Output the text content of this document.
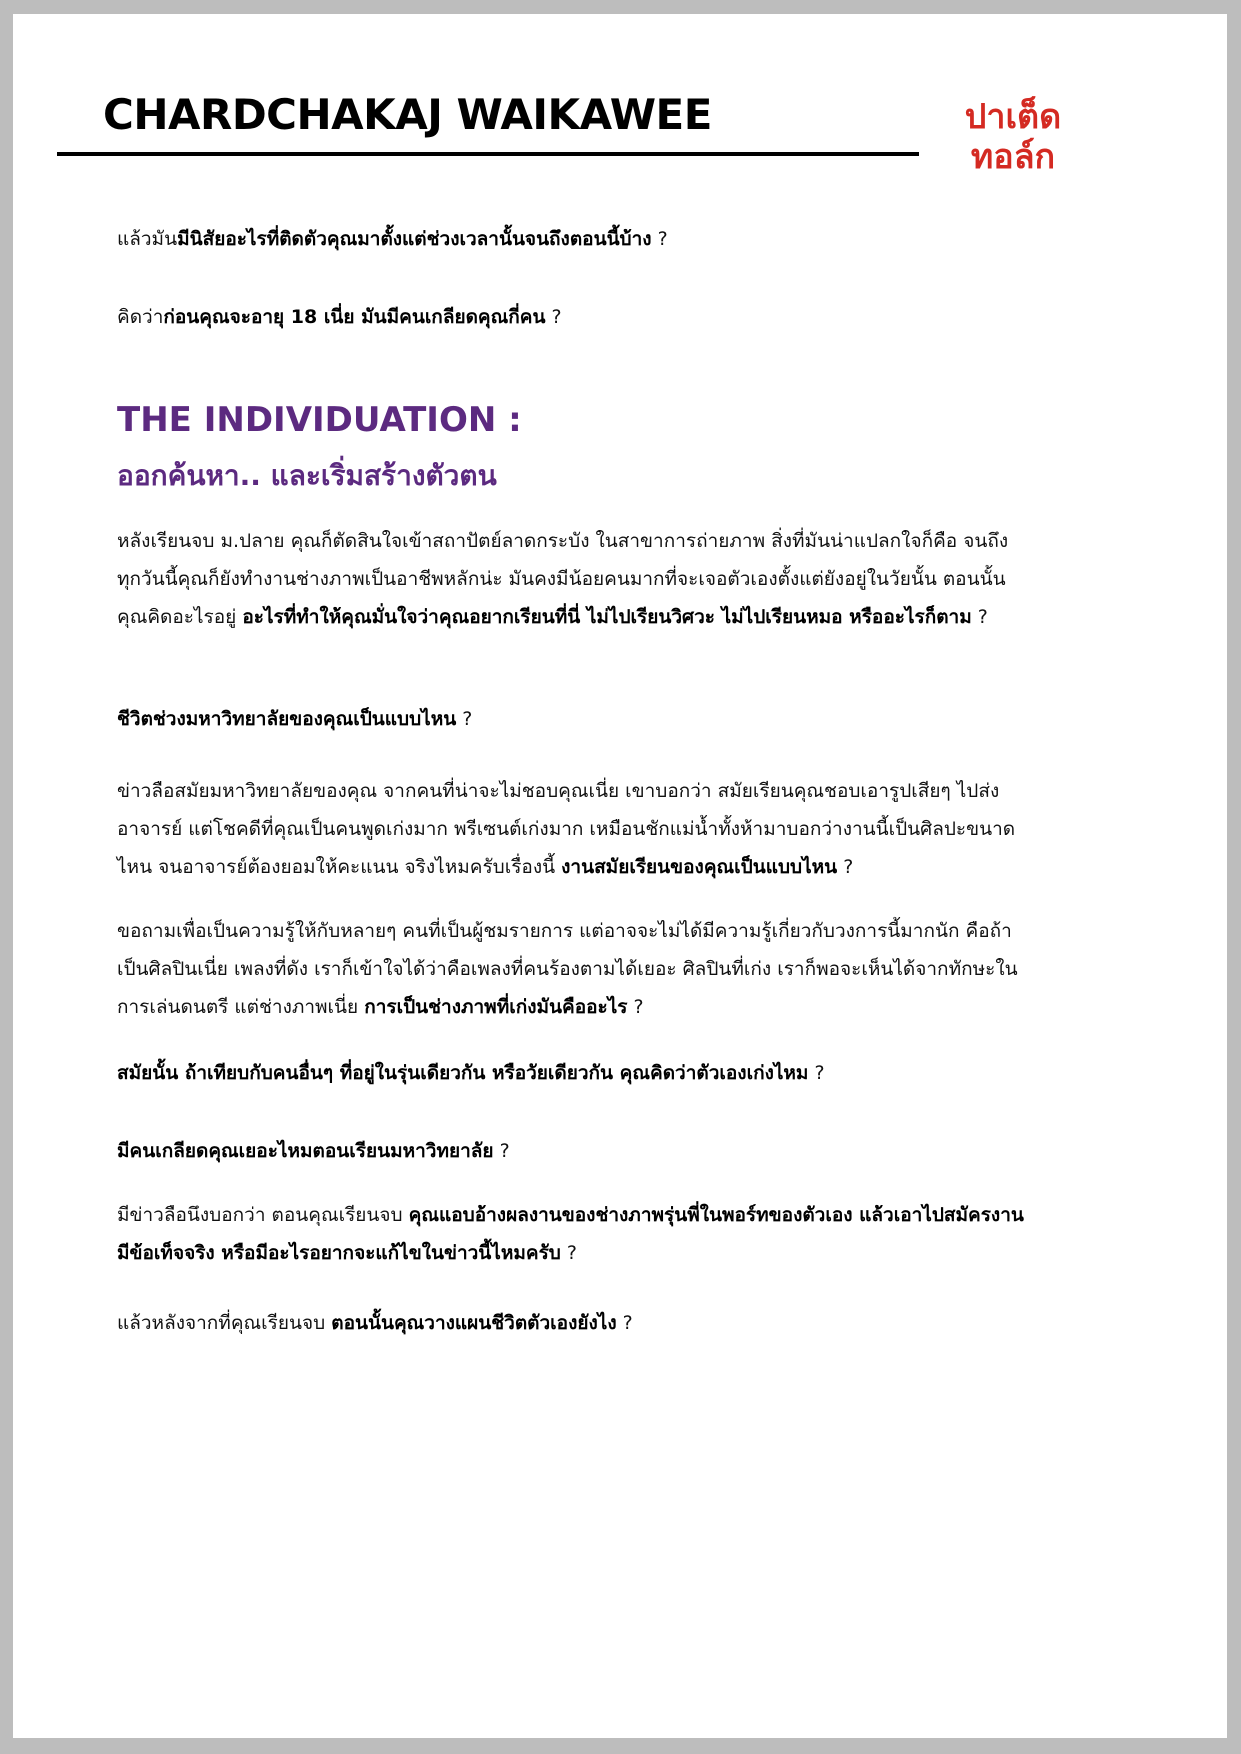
CHARDCHAKAJ WAIKAWEE	ปาเต็ด
ทอล์ก

แล้วมันมีนิสัยอะไรที่ติดตัวคุณมาตั้งแต่ช่วงเวลานั้นจนถึงตอนนี้บ้าง ?

คิดว่าก่อนคุณจะอายุ 18 เนี่ย มันมีคนเกลียดคุณกี่คน ?

THE INDIVIDUATION :
ออกค้นหา.. และเริ่มสร้างตัวตน

หลังเรียนจบ ม.ปลาย คุณก็ตัดสินใจเข้าสถาปัตย์ลาดกระบัง ในสาขาการถ่ายภาพ สิ่งที่มันน่าแปลกใจก็คือ จนถึงทุกวันนี้คุณก็ยังทำงานช่างภาพเป็นอาชีพหลักน่ะ มันคงมีน้อยคนมากที่จะเจอตัวเองตั้งแต่ยังอยู่ในวัยนั้น ตอนนั้นคุณคิดอะไรอยู่ อะไรที่ทำให้คุณมั่นใจว่าคุณอยากเรียนที่นี่ ไม่ไปเรียนวิศวะ ไม่ไปเรียนหมอ หรืออะไรก็ตาม ?

ชีวิตช่วงมหาวิทยาลัยของคุณเป็นแบบไหน ?

ข่าวลือสมัยมหาวิทยาลัยของคุณ จากคนที่น่าจะไม่ชอบคุณเนี่ย เขาบอกว่า สมัยเรียนคุณชอบเอารูปเสียๆ ไปส่งอาจารย์ แต่โชคดีที่คุณเป็นคนพูดเก่งมาก พรีเซนต์เก่งมาก เหมือนชักแม่น้ำทั้งห้ามาบอกว่างานนี้เป็นศิลปะขนาดไหน จนอาจารย์ต้องยอมให้คะแนน จริงไหมครับเรื่องนี้ งานสมัยเรียนของคุณเป็นแบบไหน ?

ขอถามเพื่อเป็นความรู้ให้กับหลายๆ คนที่เป็นผู้ชมรายการ แต่อาจจะไม่ได้มีความรู้เกี่ยวกับวงการนี้มากนัก คือถ้าเป็นศิลปินเนี่ย เพลงที่ดัง เราก็เข้าใจได้ว่าคือเพลงที่คนร้องตามได้เยอะ ศิลปินที่เก่ง เราก็พอจะเห็นได้จากทักษะในการเล่นดนตรี แต่ช่างภาพเนี่ย การเป็นช่างภาพที่เก่งมันคืออะไร ?

สมัยนั้น ถ้าเทียบกับคนอื่นๆ ที่อยู่ในรุ่นเดียวกัน หรือวัยเดียวกัน คุณคิดว่าตัวเองเก่งไหม ?

มีคนเกลียดคุณเยอะไหมตอนเรียนมหาวิทยาลัย ?

มีข่าวลือนึงบอกว่า ตอนคุณเรียนจบ คุณแอบอ้างผลงานของช่างภาพรุ่นพี่ในพอร์ทของตัวเอง แล้วเอาไปสมัครงาน มีข้อเท็จจริง หรือมีอะไรอยากจะแก้ไขในข่าวนี้ไหมครับ ?

แล้วหลังจากที่คุณเรียนจบ ตอนนั้นคุณวางแผนชีวิตตัวเองยังไง ?
